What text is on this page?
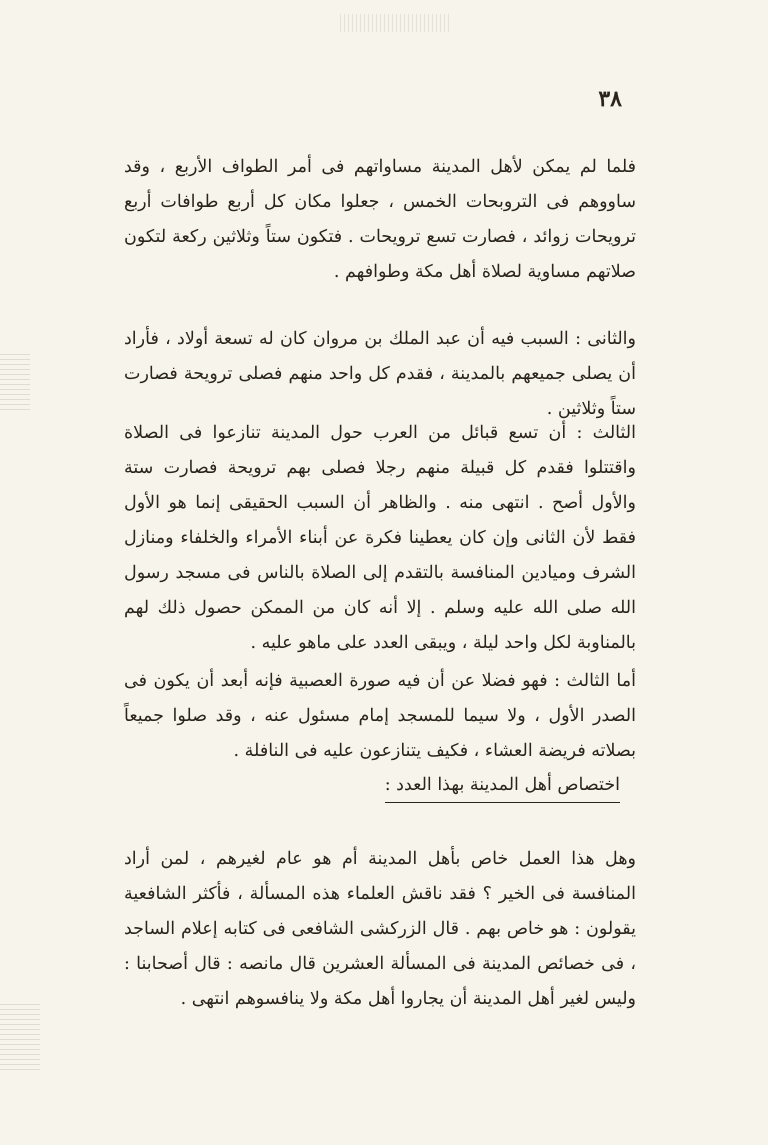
٣٨

فلما لم يمكن لأهل المدينة مساواتهم فى أمر الطواف الأربع ، وقد ساووهم فى التروبحات الخمس ، جعلوا مكان كل أربع طوافات أربع ترويحات زوائد ، فصارت تسع ترويحات . فتكون ستاً وثلاثين ركعة لتكون صلاتهم مساوية لصلاة أهل مكة وطوافهم .

والثانى : السبب فيه أن عبد الملك بن مروان كان له تسعة أولاد ، فأراد أن يصلى جميعهم بالمدينة ، فقدم كل واحد منهم فصلى ترويحة فصارت ستاً وثلاثين .

الثالث : أن تسع قبائل من العرب حول المدينة تنازعوا فى الصلاة واقتتلوا فقدم كل قبيلة منهم رجلا فصلى بهم ترويحة فصارت ستة والأول أصح . انتهى منه . والظاهر أن السبب الحقيقى إنما هو الأول فقط لأن الثانى وإن كان يعطينا فكرة عن أبناء الأمراء والخلفاء ومنازل الشرف وميادين المنافسة بالتقدم إلى الصلاة بالناس فى مسجد رسول الله صلى الله عليه وسلم . إلا أنه كان من الممكن حصول ذلك لهم بالمناوبة لكل واحد ليلة ، ويبقى العدد على ماهو عليه .

أما الثالث : فهو فضلا عن أن فيه صورة العصبية فإنه أبعد أن يكون فى الصدر الأول ، ولا سيما للمسجد إمام مسئول عنه ، وقد صلوا جميعاً بصلاته فريضة العشاء ، فكيف يتنازعون عليه فى النافلة .

اختصاص أهل المدينة بهذا العدد :

وهل هذا العمل خاص بأهل المدينة أم هو عام لغيرهم ، لمن أراد المنافسة فى الخير ؟ فقد ناقش العلماء هذه المسألة ، فأكثر الشافعية يقولون : هو خاص بهم . قال الزركشى الشافعى فى كتابه إعلام الساجد ، فى خصائص المدينة فى المسألة العشرين قال مانصه : قال أصحابنا : وليس لغير أهل المدينة أن يجاروا أهل مكة ولا ينافسوهم انتهى .
